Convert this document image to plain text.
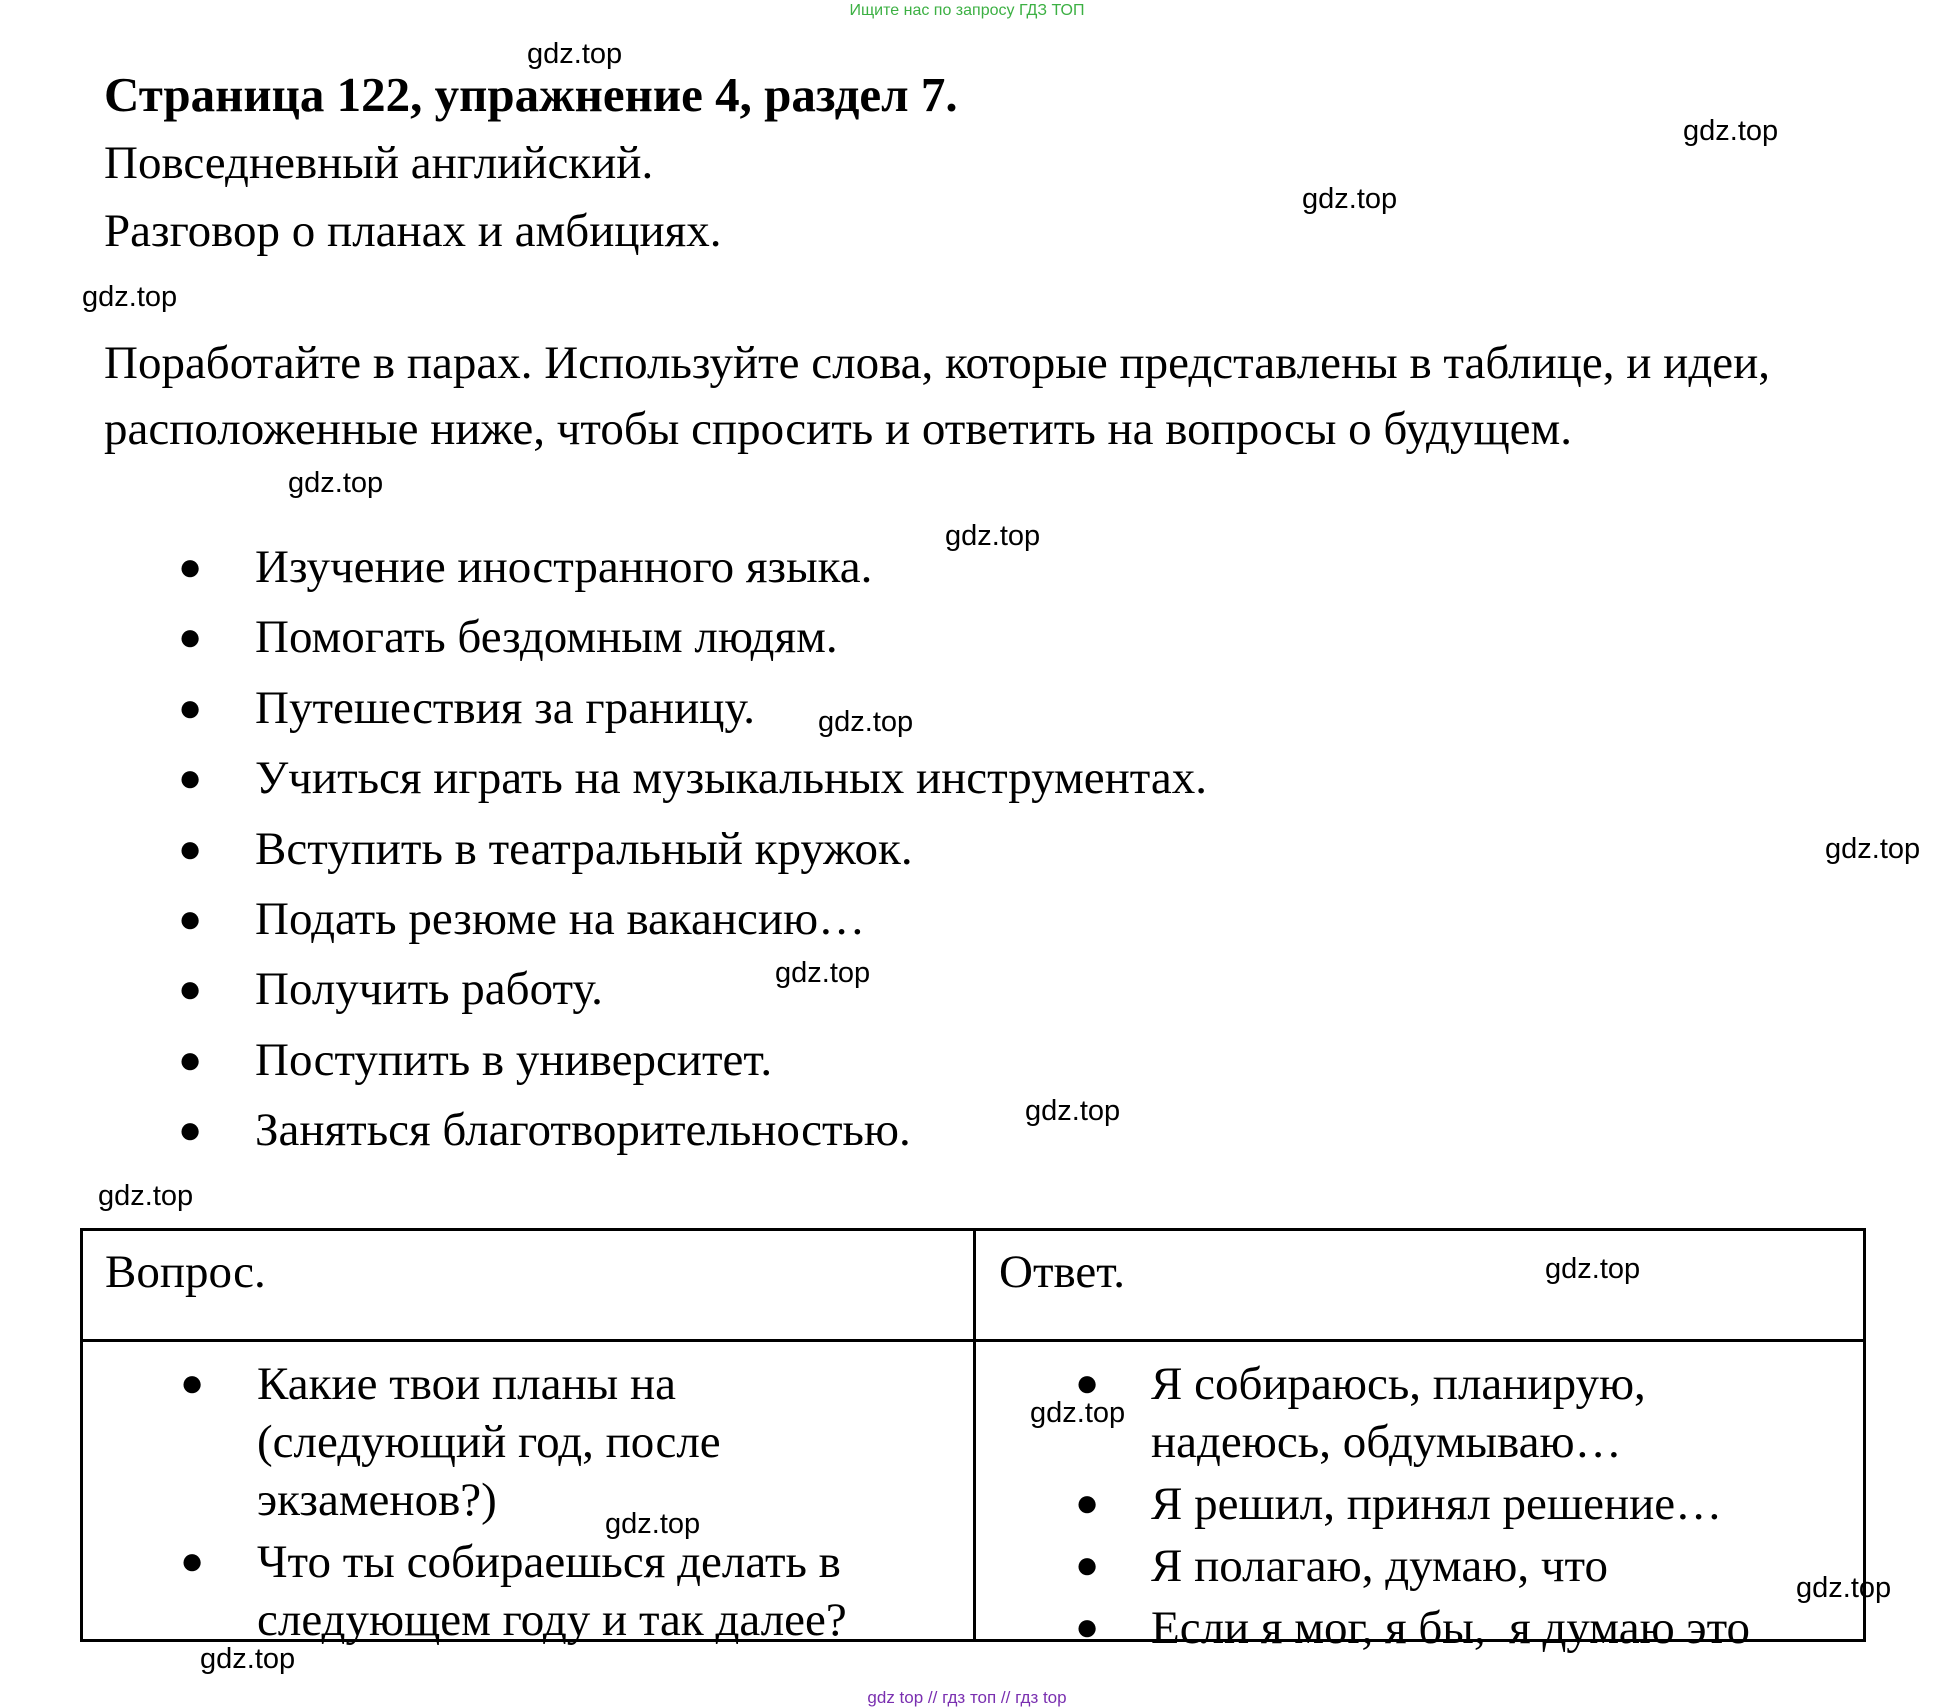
Ищите нас по запросу ГДЗ ТОП
gdz.top
gdz.top
gdz.top
gdz.top
gdz.top
gdz.top
gdz.top
gdz.top
gdz.top
gdz.top
gdz.top
gdz.top
gdz.top
gdz.top
gdz.top
gdz.top
Страница 122, упражнение 4, раздел 7.
Повседневный английский.
Разговор о планах и амбициях.
Поработайте в парах. Используйте слова, которые представлены в таблице, и идеи, расположенные ниже, чтобы спросить и ответить на вопросы о будущем.
● Изучение иностранного языка.
● Помогать бездомным людям.
● Путешествия за границу.
● Учиться играть на музыкальных инструментах.
● Вступить в театральный кружок.
● Подать резюме на вакансию…
● Получить работу.
● Поступить в университет.
● Заняться благотворительностью.
Вопрос.	Ответ.
● Какие твои планы на (следующий год, после экзаменов?)
● Что ты собираешься делать в следующем году и так далее?
● Я собираюсь, планирую, надеюсь, обдумываю…
● Я решил, принял решение…
● Я полагаю, думаю, что
● Если я мог, я бы,  я думаю это
gdz top // гдз топ // гдз top
